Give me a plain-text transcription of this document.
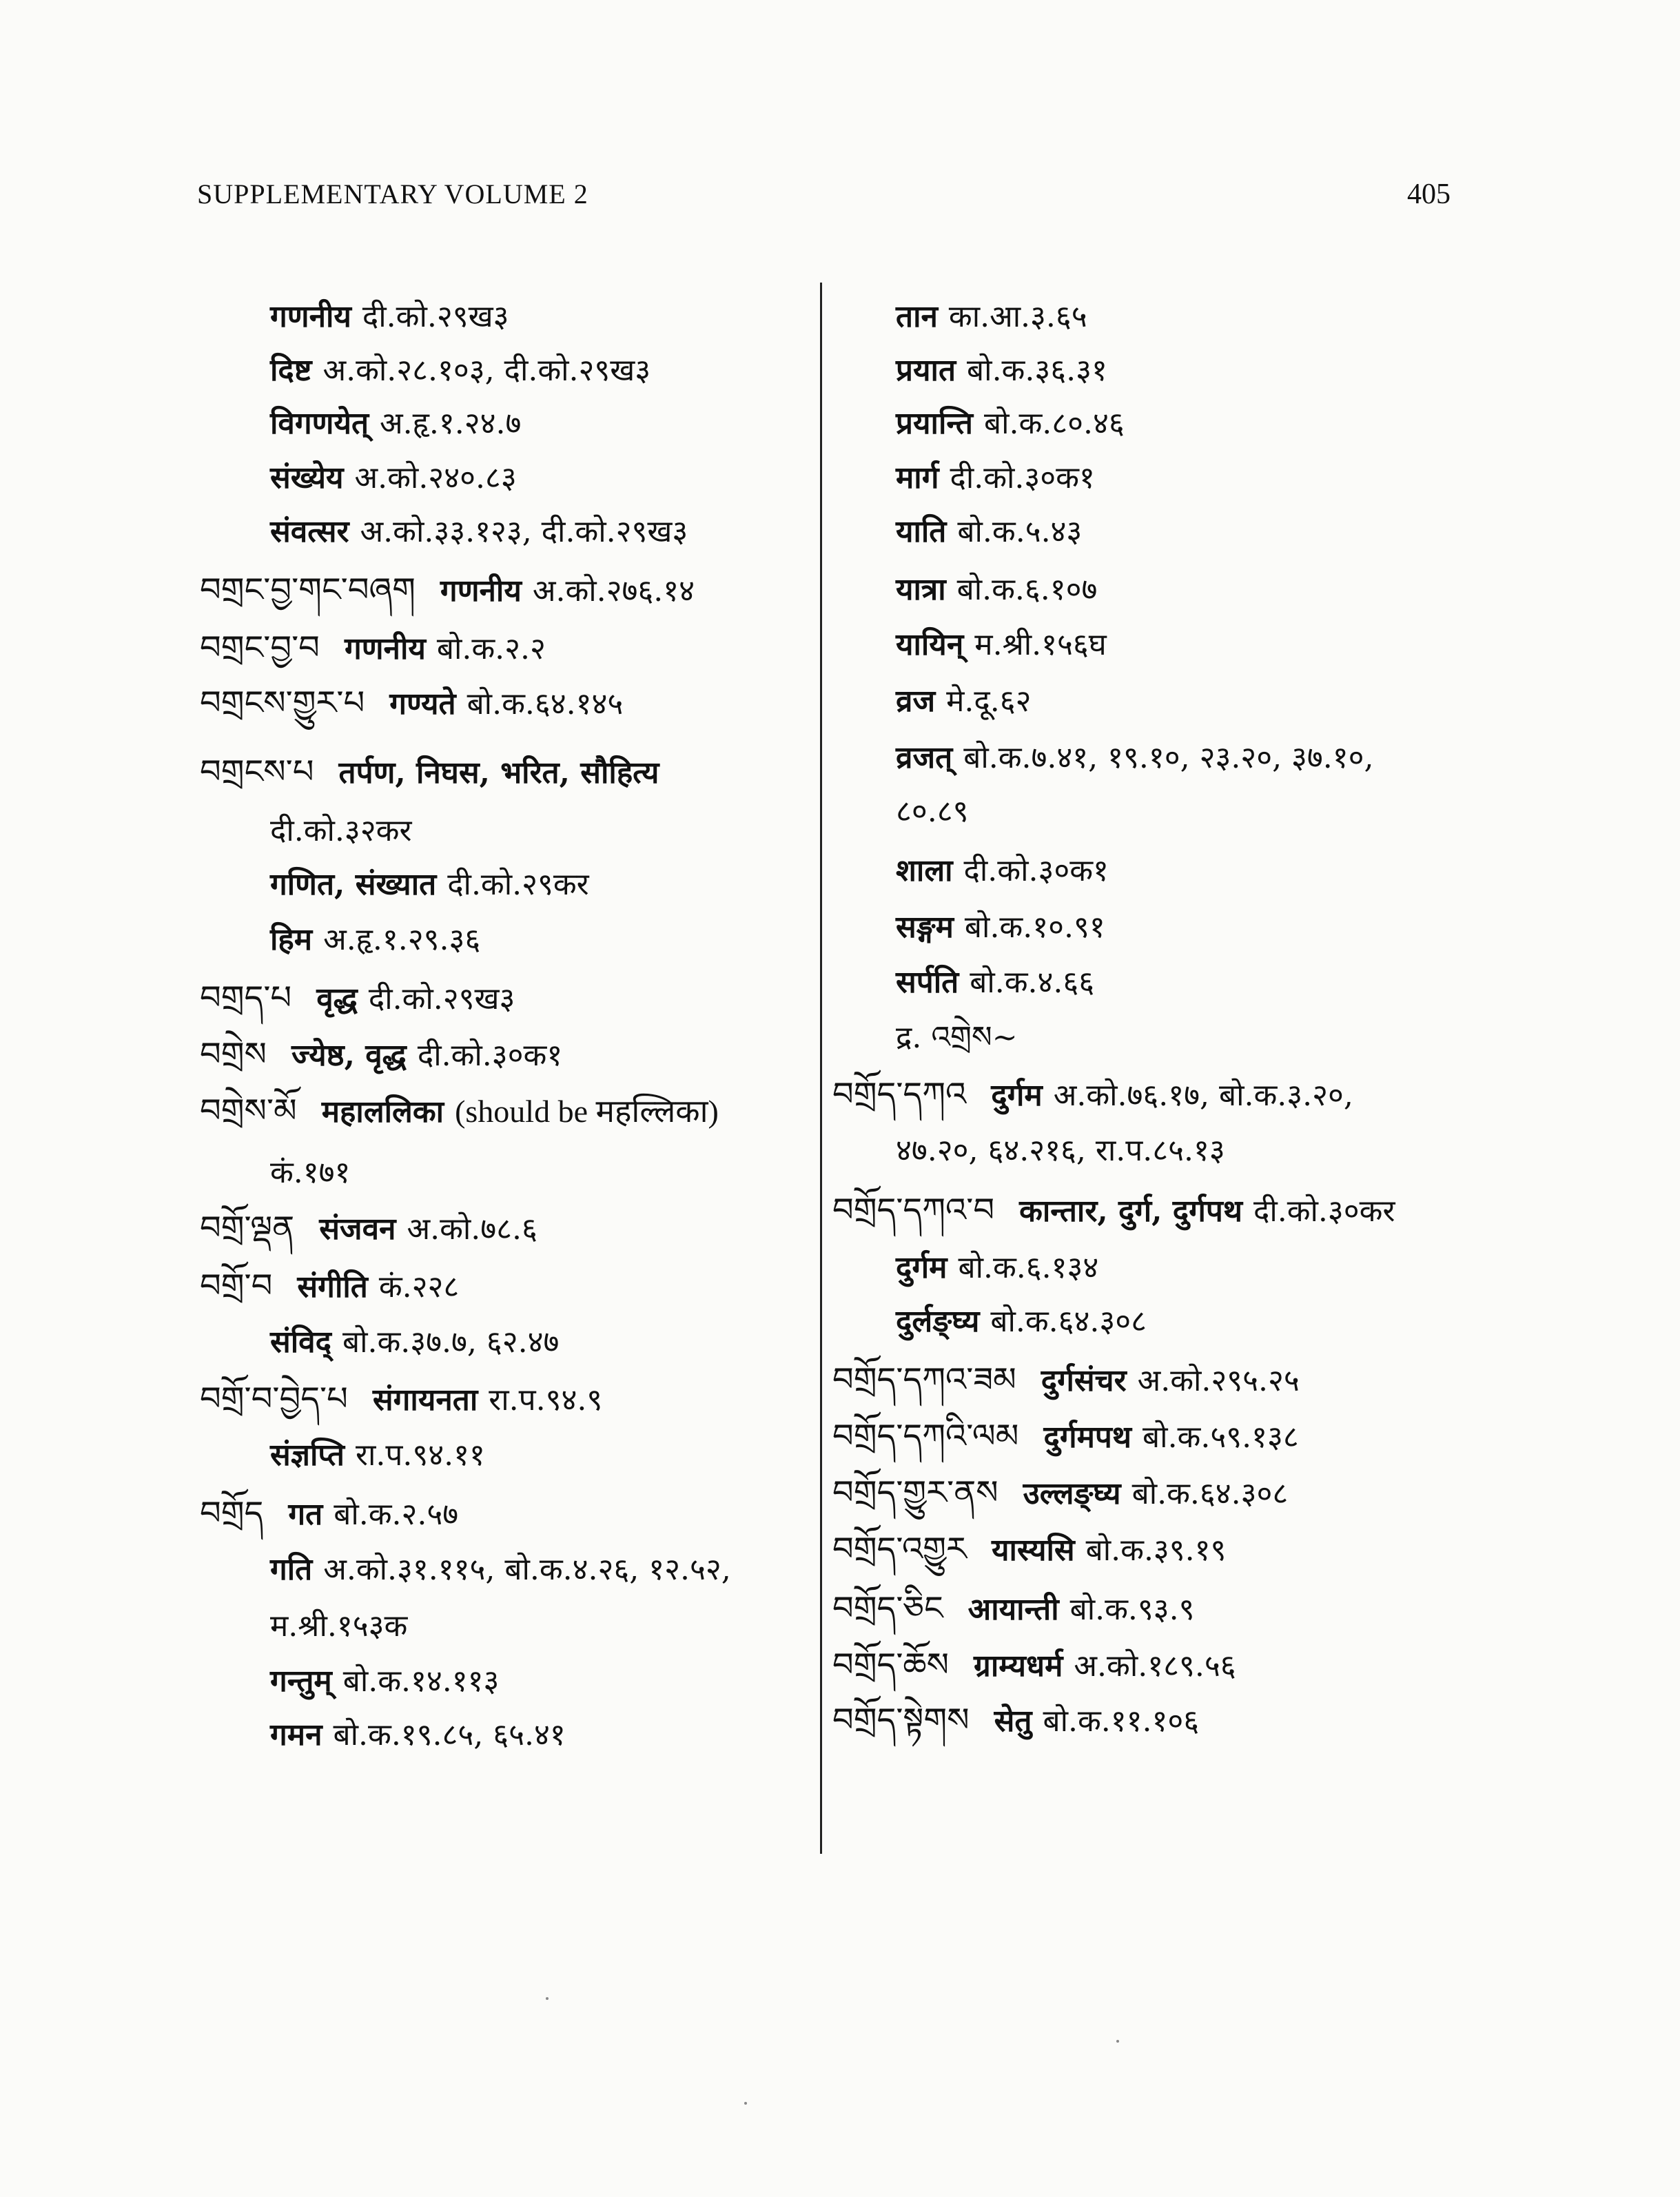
SUPPLEMENTARY VOLUME 2	405
गणनीय दी.को.२९ख३
दिष्ट अ.को.२८.१०३, दी.को.२९ख३
विगणयेत् अ.हृ.१.२४.७
संख्येय अ.को.२४०.८३
संवत्सर अ.को.३३.१२३, दी.को.२९ख३
བགྲང་བྱ་གང་བཞག गणनीय अ.को.२७६.१४
བགྲང་བྱ་བ गणनीय बो.क.२.२
བགྲངས་གྱུར་པ गण्यते बो.क.६४.१४५
བགྲངས་པ तर्पण, निघस, भरित, सौहित्य
दी.को.३२कर
गणित, संख्यात दी.को.२९कर
हिम अ.हृ.१.२९.३६
བགྲད་པ वृद्ध दी.को.२९ख३
བགྲེས ज्येष्ठ, वृद्ध दी.को.३०क१
བགྲེས་མོ महाललिका (should be महल्लिका)
कं.१७१
བགྲོ་ལྡན संजवन अ.को.७८.६
བགྲོ་བ संगीति कं.२२८
संविद् बो.क.३७.७, ६२.४७
བགྲོ་བ་བྱེད་པ संगायनता रा.प.९४.९
संज्ञप्ति रा.प.९४.११
བགྲོད गत बो.क.२.५७
गति अ.को.३१.११५, बो.क.४.२६, १२.५२,
म.श्री.१५३क
गन्तुम् बो.क.१४.११३
गमन बो.क.१९.८५, ६५.४१
तान का.आ.३.६५
प्रयात बो.क.३६.३१
प्रयान्ति बो.क.८०.४६
मार्ग दी.को.३०क१
याति बो.क.५.४३
यात्रा बो.क.६.१०७
यायिन् म.श्री.१५६घ
व्रज मे.दू.६२
व्रजत् बो.क.७.४१, १९.१०, २३.२०, ३७.१०,
८०.८९
शाला दी.को.३०क१
सङ्गम बो.क.१०.९१
सर्पति बो.क.४.६६
द्र. འགྲེས~
བགྲོད་དཀའ दुर्गम अ.को.७६.१७, बो.क.३.२०,
४७.२०, ६४.२१६, रा.प.८५.१३
བགྲོད་དཀའ་བ कान्तार, दुर्ग, दुर्गपथ दी.को.३०कर
दुर्गम बो.क.६.१३४
दुर्लङ्घ्य बो.क.६४.३०८
བགྲོད་དཀའ་ཟམ दुर्गसंचर अ.को.२९५.२५
བགྲོད་དཀའི་ལམ दुर्गमपथ बो.क.५९.१३८
བགྲོད་གྱུར་ནས उल्लङ्घ्य बो.क.६४.३०८
བགྲོད་འགྱུར यास्यसि बो.क.३९.१९
བགྲོད་ཅིང आयान्ती बो.क.९३.९
བགྲོད་ཆོས ग्राम्यधर्म अ.को.१८९.५६
བགྲོད་སྟེགས सेतु बो.क.११.१०६
